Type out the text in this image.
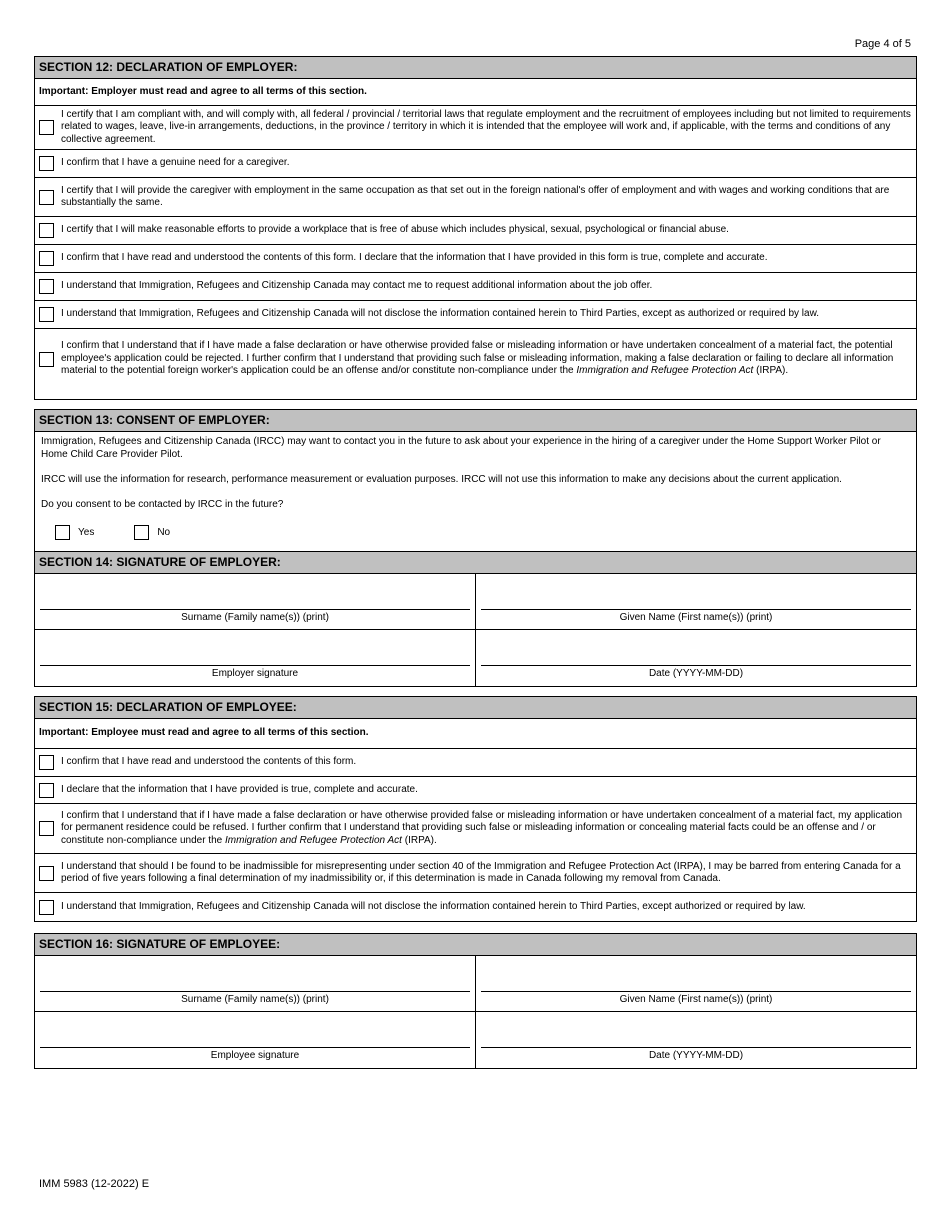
Page 4 of 5
SECTION 12: DECLARATION OF EMPLOYER:
Important: Employer must read and agree to all terms of this section.
I certify that I am compliant with, and will comply with, all federal / provincial / territorial laws that regulate employment and the recruitment of employees including but not limited to requirements related to wages, leave, live-in arrangements, deductions, in the province / territory in which it is intended that the employee will work and, if applicable, with the terms and conditions of any collective agreement.
I confirm that I have a genuine need for a caregiver.
I certify that I will provide the caregiver with employment in the same occupation as that set out in the foreign national's offer of employment and with wages and working conditions that are substantially the same.
I certify that I will make reasonable efforts to provide a workplace that is free of abuse which includes physical, sexual, psychological or financial abuse.
I confirm that I have read and understood the contents of this form. I declare that the information that I have provided in this form is true, complete and accurate.
I understand that Immigration, Refugees and Citizenship Canada may contact me to request additional information about the job offer.
I understand that Immigration, Refugees and Citizenship Canada will not disclose the information contained herein to Third Parties, except as authorized or required by law.
I confirm that I understand that if I have made a false declaration or have otherwise provided false or misleading information or have undertaken concealment of a material fact, the potential employee's application could be rejected. I further confirm that I understand that providing such false or misleading information, making a false declaration or failing to declare all information material to the potential foreign worker's application could be an offense and/or constitute non-compliance under the Immigration and Refugee Protection Act (IRPA).
SECTION 13: CONSENT OF EMPLOYER:

Immigration, Refugees and Citizenship Canada (IRCC) may want to contact you in the future to ask about your experience in the hiring of a caregiver under the Home Support Worker Pilot or Home Child Care Provider Pilot.

IRCC will use the information for research, performance measurement or evaluation purposes. IRCC will not use this information to make any decisions about the current application.

Do you consent to be contacted by IRCC in the future?

Yes	No
SECTION 14: SIGNATURE OF EMPLOYER:
Surname (Family name(s)) (print)	Given Name (First name(s)) (print)
Employer signature	Date (YYYY-MM-DD)
SECTION 15: DECLARATION OF EMPLOYEE:
Important: Employee must read and agree to all terms of this section.
I confirm that I have read and understood the contents of this form.
I declare that the information that I have provided is true, complete and accurate.
I confirm that I understand that if I have made a false declaration or have otherwise provided false or misleading information or have undertaken concealment of a material fact, my application for permanent residence could be refused. I further confirm that I understand that providing such false or misleading information or concealing material facts could be an offense and / or constitute non-compliance under the Immigration and Refugee Protection Act (IRPA).
I understand that should I be found to be inadmissible for misrepresenting under section 40 of the Immigration and Refugee Protection Act (IRPA), I may be barred from entering Canada for a period of five years following a final determination of my inadmissibility or, if this determination is made in Canada following my removal from Canada.
I understand that Immigration, Refugees and Citizenship Canada will not disclose the information contained herein to Third Parties, except authorized or required by law.
SECTION 16: SIGNATURE OF EMPLOYEE:
Surname (Family name(s)) (print)	Given Name (First name(s)) (print)
Employee signature	Date (YYYY-MM-DD)
IMM 5983 (12-2022) E
